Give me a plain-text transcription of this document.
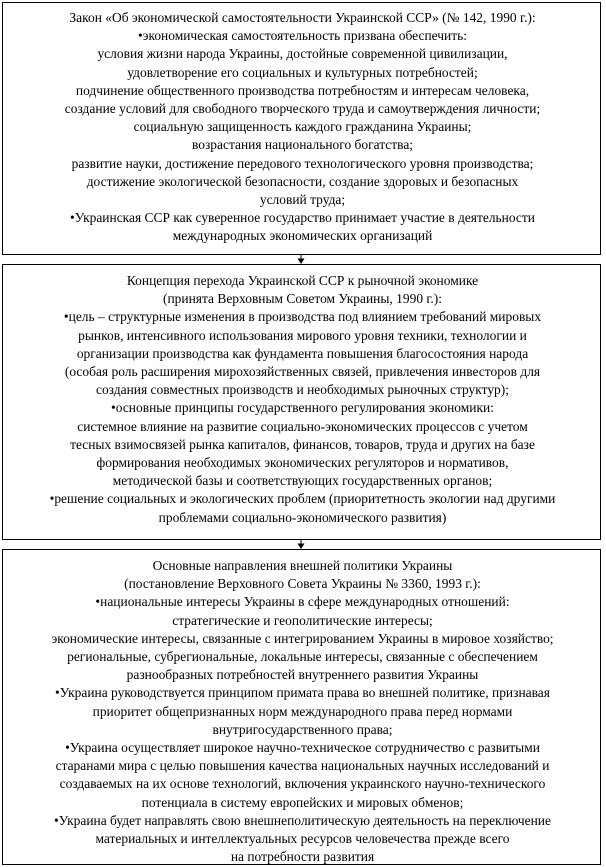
Закон «Об экономической самостоятельности Украинской ССР» (№ 142, 1990 г.):
•экономическая самостоятельность призвана обеспечить:
условия жизни народа Украины, достойные современной цивилизации,
удовлетворение его социальных и культурных потребностей;
подчинение общественного производства потребностям и интересам человека,
создание условий для свободного творческого труда и самоутверждения личности;
социальную защищенность каждого гражданина Украины;
возрастания национального богатства;
развитие науки, достижение передового технологического уровня производства;
достижение экологической безопасности, создание здоровых и безопасных
условий труда;
•Украинская ССР как суверенное государство принимает участие в деятельности
международных экономических организаций
Концепция перехода Украинской ССР к рыночной экономике
(принята Верховным Советом Украины, 1990 г.):
•цель – структурные изменения в производства под влиянием требований мировых
рынков, интенсивного использования мирового уровня техники, технологии и
организации производства как фундамента повышения благосостояния народа
(особая роль расширения мирохозяйственных связей, привлечения инвесторов для
создания совместных производств и необходимых рыночных структур);
•основные принципы государственного регулирования экономики:
системное влияние на развитие социально-экономических процессов с учетом
тесных взимосвязей рынка капиталов, финансов, товаров, труда и других на базе
формирования необходимых экономических регуляторов и нормативов,
методической базы и соответствующих государственных органов;
•решение социальных и экологических проблем (приоритетность экологии над другими
проблемами социально-экономического развития)
Основные направления внешней политики Украины
(постановление Верховного Совета Украины № 3360, 1993 г.):
•национальные интересы Украины в сфере международных отношений:
стратегические и геополитические интересы;
экономические интересы, связанные с интегрированием Украины в мировое хозяйство;
региональные, субрегиональные, локальные интересы, связанные с обеспечением
разнообразных потребностей внутреннего развития Украины
•Украина руководствуется принципом примата права во внешней политике, признавая
приоритет общепризнанных норм международного права перед нормами
внутригосударственного права;
•Украина осуществляет широкое научно-техническое сотрудничество с развитыми
старанами мира с целью повышения качества национальных научных исследований и
создаваемых на их основе технологий, включения украинского научно-технического
потенциала в систему европейских и мировых обменов;
•Украина будет направлять свою внешнеполитическую деятельность на переключение
материальных и интеллектуальных ресурсов человечества прежде всего
на потребности развития
